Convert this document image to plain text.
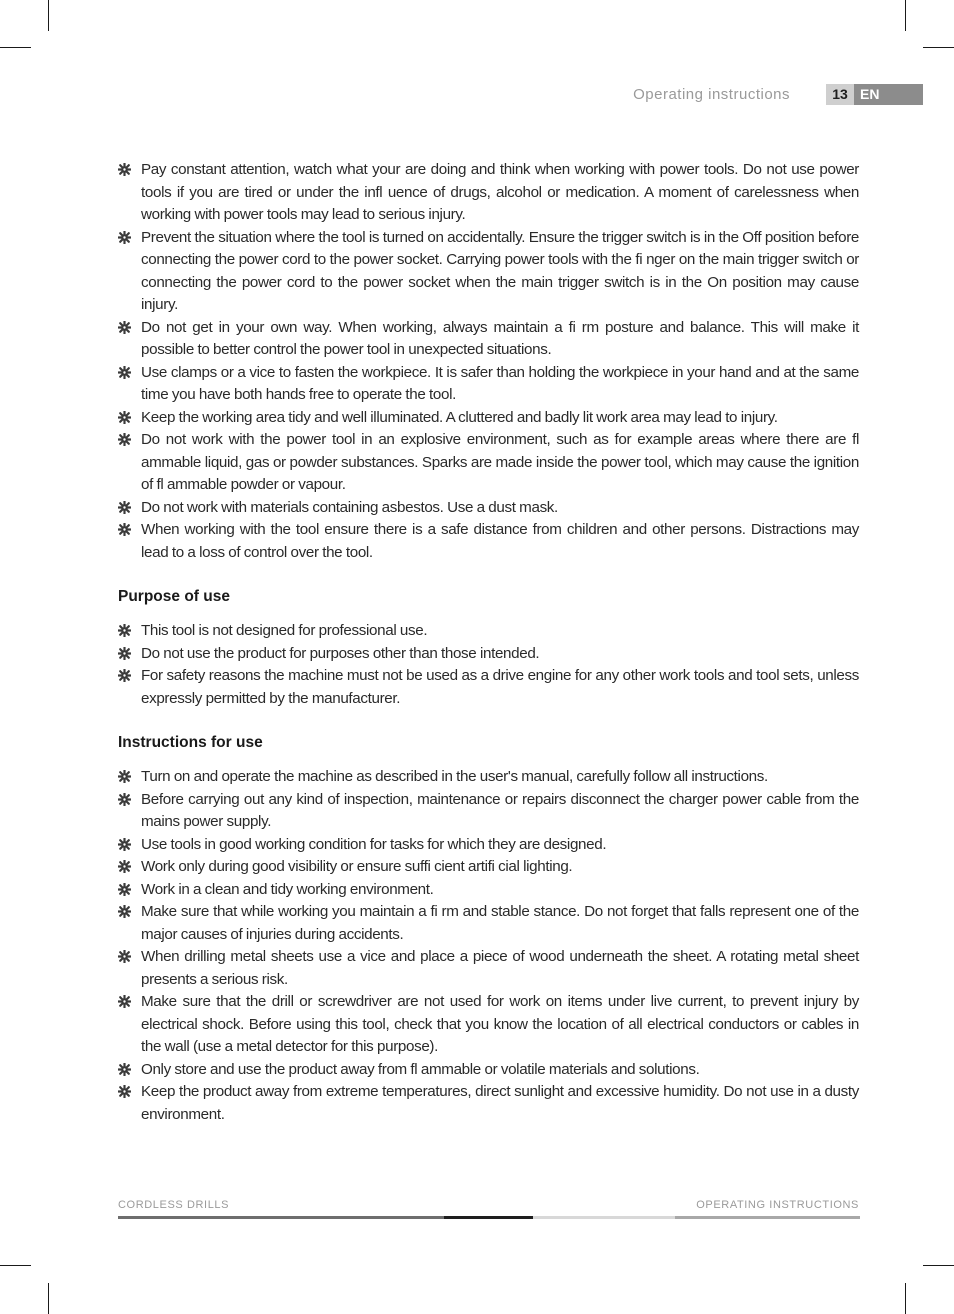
Operating instructions	13 EN
Pay constant attention, watch what your are doing and think when working with power tools. Do not use power tools if you are tired or under the infl uence of drugs, alcohol or medication. A moment of carelessness when working with power tools may lead to serious injury.
Prevent the situation where the tool is turned on accidentally. Ensure the trigger switch is in the Off position before connecting the power cord to the power socket. Carrying power tools with the fi nger on the main trigger switch or connecting the power cord to the power socket when the main trigger switch is in the On position may cause injury.
Do not get in your own way. When working, always maintain a fi rm posture and balance. This will make it possible to better control the power tool in unexpected situations.
Use clamps or a vice to fasten the workpiece. It is safer than holding the workpiece in your hand and at the same time you have both hands free to operate the tool.
Keep the working area tidy and well illuminated. A cluttered and badly lit work area may lead to injury.
Do not work with the power tool in an explosive environment, such as for example areas where there are fl ammable liquid, gas or powder substances. Sparks are made inside the power tool, which may cause the ignition of fl ammable powder or vapour.
Do not work with materials containing asbestos. Use a dust mask.
When working with the tool ensure there is a safe distance from children and other persons. Distractions may lead to a loss of control over the tool.
Purpose of use
This tool is not designed for professional use.
Do not use the product for purposes other than those intended.
For safety reasons the machine must not be used as a drive engine for any other work tools and tool sets, unless expressly permitted by the manufacturer.
Instructions for use
Turn on and operate the machine as described in the user's manual, carefully follow all instructions.
Before carrying out any kind of inspection, maintenance or repairs disconnect the charger power cable from the mains power supply.
Use tools in good working condition for tasks for which they are designed.
Work only during good visibility or ensure suffi cient artifi cial lighting.
Work in a clean and tidy working environment.
Make sure that while working you maintain a fi rm and stable stance. Do not forget that falls represent one of the major causes of injuries during accidents.
When drilling metal sheets use a vice and place a piece of wood underneath the sheet. A rotating metal sheet presents a serious risk.
Make sure that the drill or screwdriver are not used for work on items under live current, to prevent injury by electrical shock. Before using this tool, check that you know the location of all electrical conductors or cables in the wall (use a metal detector for this purpose).
Only store and use the product away from fl ammable or volatile materials and solutions.
Keep the product away from extreme temperatures, direct sunlight and excessive humidity. Do not use in a dusty environment.
CORDLESS DRILLS	OPERATING INSTRUCTIONS
